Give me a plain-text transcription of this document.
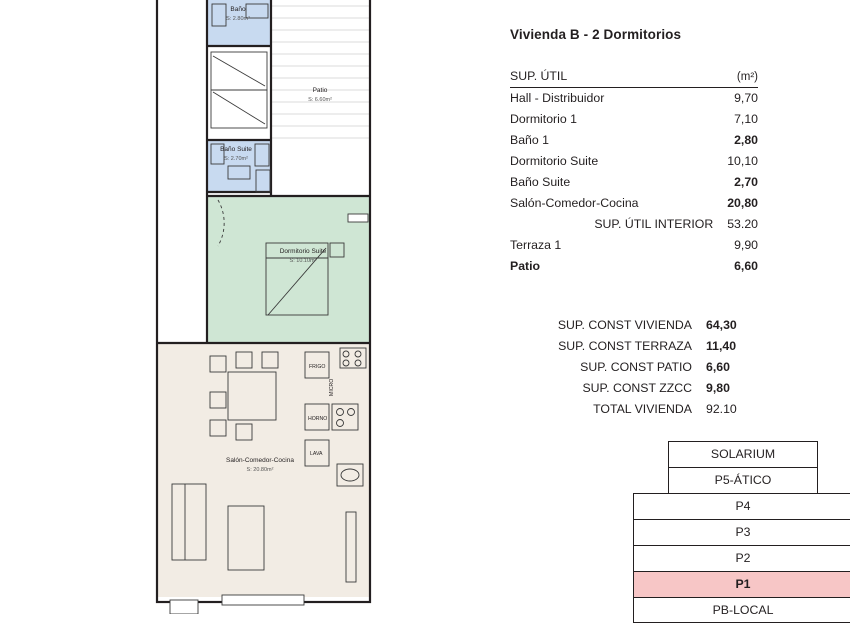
Baño
S: 2.80m²
Patio
S: 6.60m²
Baño Suite
S: 2.70m²
Dormitorio Suite
S: 10.10m²
Salón-Comedor-Cocina
S: 20.80m²
FRIGO
MICRO
HORNO
LAVA
Vivienda B - 2 Dormitorios
SUP. ÚTIL	(m²)
Hall - Distribuidor	9,70
Dormitorio 1	7,10
Baño 1	2,80
Dormitorio Suite	10,10
Baño Suite	2,70
Salón-Comedor-Cocina	20,80
SUP. ÚTIL INTERIOR	53.20
Terraza 1	9,90
Patio	6,60
SUP. CONST VIVIENDA	64,30
SUP. CONST TERRAZA	11,40
SUP. CONST PATIO	6,60
SUP. CONST ZZCC	9,80
TOTAL VIVIENDA	92.10
SOLARIUM
P5-ÁTICO
P4
P3
P2
P1
PB-LOCAL
